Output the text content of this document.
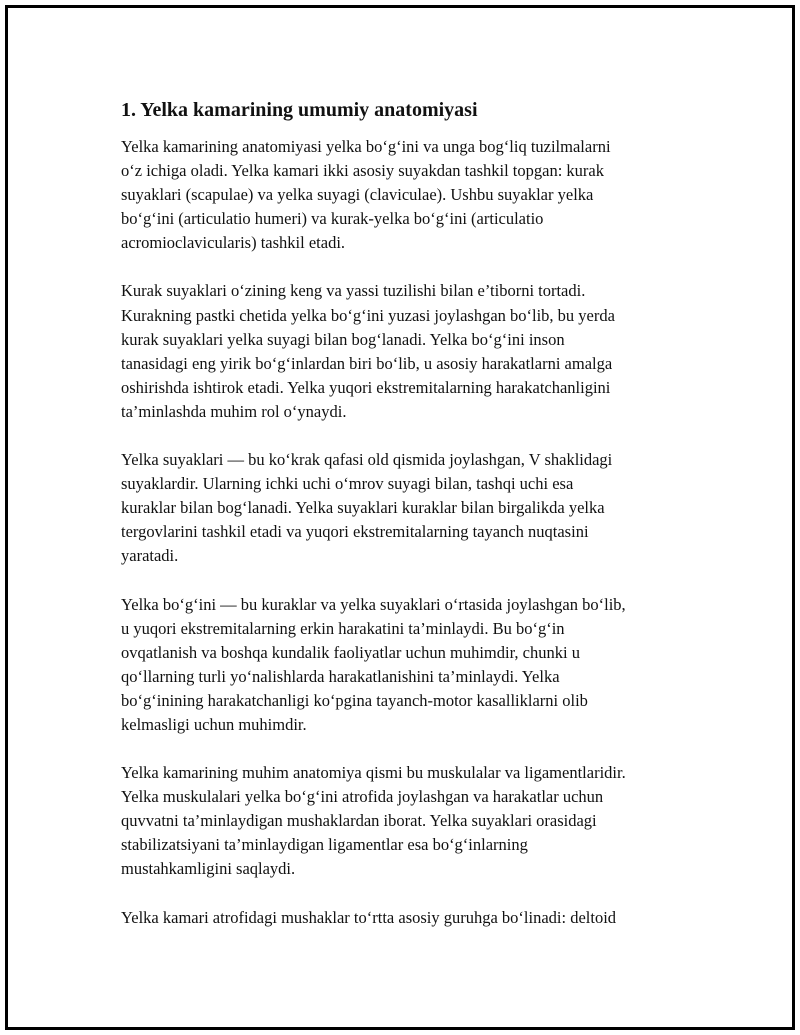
1. Yelka kamarining umumiy anatomiyasi

Yelka kamarining anatomiyasi yelka bo‘g‘ini va unga bog‘liq tuzilmalarni
o‘z ichiga oladi. Yelka kamari ikki asosiy suyakdan tashkil topgan: kurak
suyaklari (scapulae) va yelka suyagi (claviculae). Ushbu suyaklar yelka
bo‘g‘ini (articulatio humeri) va kurak-yelka bo‘g‘ini (articulatio
acromioclavicularis) tashkil etadi.

Kurak suyaklari o‘zining keng va yassi tuzilishi bilan e’tiborni tortadi.
Kurakning pastki chetida yelka bo‘g‘ini yuzasi joylashgan bo‘lib, bu yerda
kurak suyaklari yelka suyagi bilan bog‘lanadi. Yelka bo‘g‘ini inson
tanasidagi eng yirik bo‘g‘inlardan biri bo‘lib, u asosiy harakatlarni amalga
oshirishda ishtirok etadi. Yelka yuqori ekstremitalarning harakatchanligini
ta’minlashda muhim rol o‘ynaydi.

Yelka suyaklari — bu ko‘krak qafasi old qismida joylashgan, V shaklidagi
suyaklardir. Ularning ichki uchi o‘mrov suyagi bilan, tashqi uchi esa
kuraklar bilan bog‘lanadi. Yelka suyaklari kuraklar bilan birgalikda yelka
tergovlarini tashkil etadi va yuqori ekstremitalarning tayanch nuqtasini
yaratadi.

Yelka bo‘g‘ini — bu kuraklar va yelka suyaklari o‘rtasida joylashgan bo‘lib,
u yuqori ekstremitalarning erkin harakatini ta’minlaydi. Bu bo‘g‘in
ovqatlanish va boshqa kundalik faoliyatlar uchun muhimdir, chunki u
qo‘llarning turli yo‘nalishlarda harakatlanishini ta’minlaydi. Yelka
bo‘g‘inining harakatchanligi ko‘pgina tayanch-motor kasalliklarni olib
kelmasligi uchun muhimdir.

Yelka kamarining muhim anatomiya qismi bu muskulalar va ligamentlaridir.
Yelka muskulalari yelka bo‘g‘ini atrofida joylashgan va harakatlar uchun
quvvatni ta’minlaydigan mushaklardan iborat. Yelka suyaklari orasidagi
stabilizatsiyani ta’minlaydigan ligamentlar esa bo‘g‘inlarning
mustahkamligini saqlaydi.

Yelka kamari atrofidagi mushaklar to‘rtta asosiy guruhga bo‘linadi: deltoid
